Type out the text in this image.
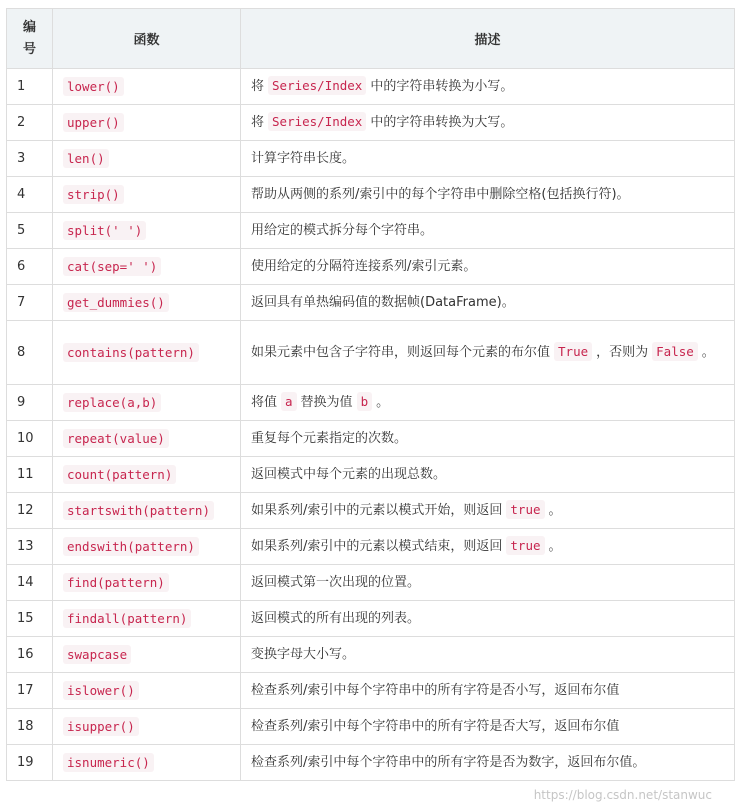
编
号	函数	描述
1	lower()	将 Series/Index 中的字符串转换为小写。
2	upper()	将 Series/Index 中的字符串转换为大写。
3	len()	计算字符串长度。
4	strip()	帮助从两侧的系列/索引中的每个字符串中删除空格(包括换行符)。
5	split(' ')	用给定的模式拆分每个字符串。
6	cat(sep=' ')	使用给定的分隔符连接系列/索引元素。
7	get_dummies()	返回具有单热编码值的数据帧(DataFrame)。
8	contains(pattern)	如果元素中包含子字符串，则返回每个元素的布尔值 True ，否则为 False 。
9	replace(a,b)	将值 a 替换为值 b 。
10	repeat(value)	重复每个元素指定的次数。
11	count(pattern)	返回模式中每个元素的出现总数。
12	startswith(pattern)	如果系列/索引中的元素以模式开始，则返回 true 。
13	endswith(pattern)	如果系列/索引中的元素以模式结束，则返回 true 。
14	find(pattern)	返回模式第一次出现的位置。
15	findall(pattern)	返回模式的所有出现的列表。
16	swapcase	变换字母大小写。
17	islower()	检查系列/索引中每个字符串中的所有字符是否小写，返回布尔值
18	isupper()	检查系列/索引中每个字符串中的所有字符是否大写，返回布尔值
19	isnumeric()	检查系列/索引中每个字符串中的所有字符是否为数字，返回布尔值。
https://blog.csdn.net/stanwuc
